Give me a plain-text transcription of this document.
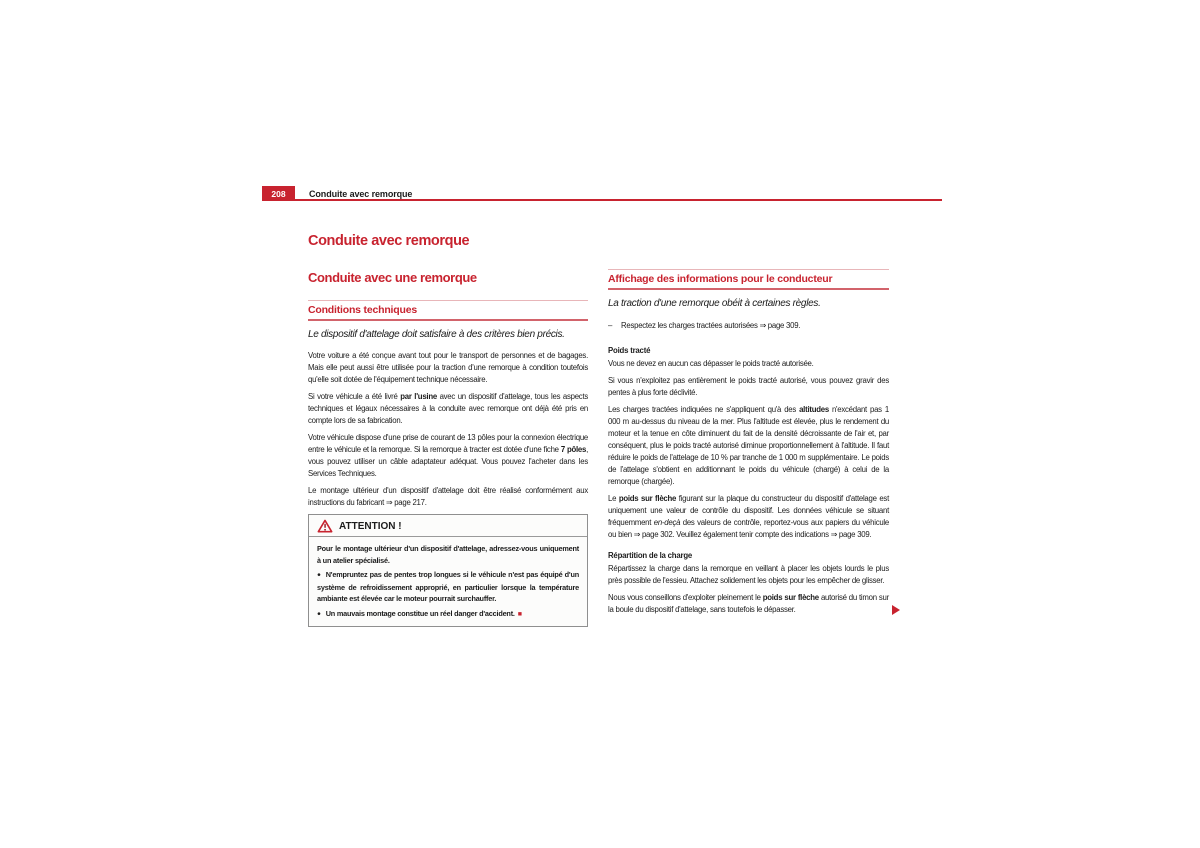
208	Conduite avec remorque
Conduite avec remorque
Conduite avec une remorque
Conditions techniques

Le dispositif d'attelage doit satisfaire à des critères bien précis.

Votre voiture a été conçue avant tout pour le transport de personnes et de bagages. Mais elle peut aussi être utilisée pour la traction d'une remorque à condition toutefois qu'elle soit dotée de l'équipement technique nécessaire.

Si votre véhicule a été livré par l'usine avec un dispositif d'attelage, tous les aspects techniques et légaux nécessaires à la conduite avec remorque ont déjà été pris en compte lors de sa fabrication.

Votre véhicule dispose d'une prise de courant de 13 pôles pour la connexion électrique entre le véhicule et la remorque. Si la remorque à tracter est dotée d'une fiche 7 pôles, vous pouvez utiliser un câble adaptateur adéquat. Vous pouvez l'acheter dans les Services Techniques.

Le montage ultérieur d'un dispositif d'attelage doit être réalisé conformément aux instructions du fabricant ⇒ page 217.

ATTENTION !

Pour le montage ultérieur d'un dispositif d'attelage, adressez-vous uniquement à un atelier spécialisé.

● N'empruntez pas de pentes trop longues si le véhicule n'est pas équipé d'un système de refroidissement approprié, en particulier lorsque la température ambiante est élevée car le moteur pourrait surchauffer.

● Un mauvais montage constitue un réel danger d'accident. ■

Affichage des informations pour le conducteur

La traction d'une remorque obéit à certaines règles.

–	Respectez les charges tractées autorisées ⇒ page 309.

Poids tracté

Vous ne devez en aucun cas dépasser le poids tracté autorisée.

Si vous n'exploitez pas entièrement le poids tracté autorisé, vous pouvez gravir des pentes à plus forte déclivité.

Les charges tractées indiquées ne s'appliquent qu'à des altitudes n'excédant pas 1 000 m au-dessus du niveau de la mer. Plus l'altitude est élevée, plus le rendement du moteur et la tenue en côte diminuent du fait de la densité décroissante de l'air et, par conséquent, plus le poids tracté autorisé diminue proportionnellement à l'altitude. Il faut réduire le poids de l'attelage de 10 % par tranche de 1 000 m supplémentaire. Le poids de l'attelage s'obtient en additionnant le poids du véhicule (chargé) à celui de la remorque (chargée).

Le poids sur flèche figurant sur la plaque du constructeur du dispositif d'attelage est uniquement une valeur de contrôle du dispositif. Les données véhicule se situant fréquemment en-deçà des valeurs de contrôle, reportez-vous aux papiers du véhicule ou bien ⇒ page 302. Veuillez également tenir compte des indications ⇒ page 309.

Répartition de la charge

Répartissez la charge dans la remorque en veillant à placer les objets lourds le plus près possible de l'essieu. Attachez solidement les objets pour les empêcher de glisser.

Nous vous conseillons d'exploiter pleinement le poids sur flèche autorisé du timon sur la boule du dispositif d'attelage, sans toutefois le dépasser.
